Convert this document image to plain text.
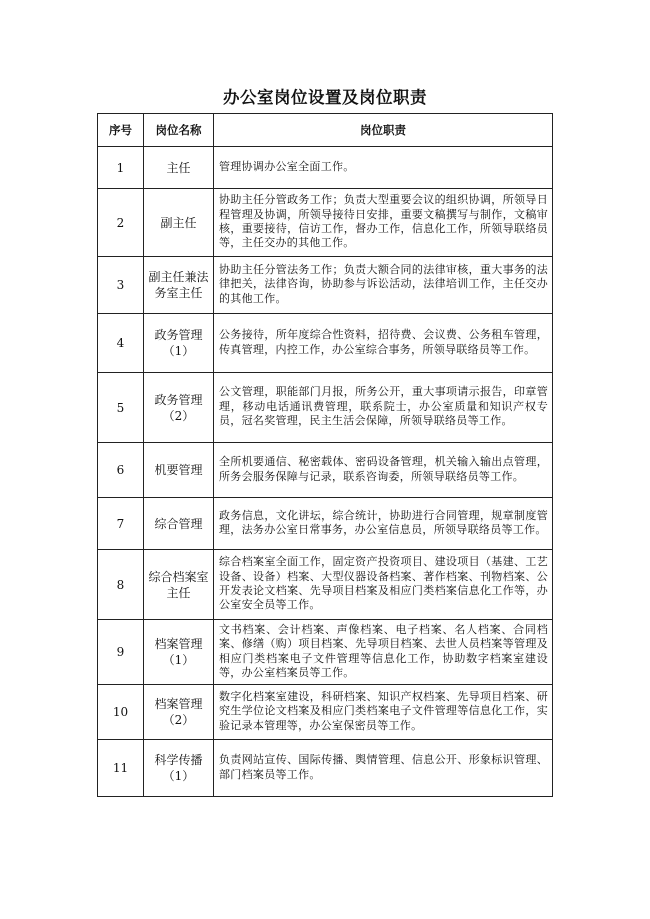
办公室岗位设置及岗位职责
序号	岗位名称	岗位职责
1	主任	管理协调办公室全面工作。
2	副主任	协助主任分管政务工作；负责大型重要会议的组织协调，所领导日程管理及协调，所领导接待日安排，重要文稿撰写与制作，文稿审核，重要接待，信访工作，督办工作，信息化工作，所领导联络员等，主任交办的其他工作。
3	副主任兼法务室主任	协助主任分管法务工作；负责大额合同的法律审核，重大事务的法律把关，法律咨询，协助参与诉讼活动，法律培训工作，主任交办的其他工作。
4	政务管理（1）	公务接待，所年度综合性资料，招待费、会议费、公务租车管理，传真管理，内控工作，办公室综合事务，所领导联络员等工作。
5	政务管理（2）	公文管理，职能部门月报，所务公开，重大事项请示报告，印章管理，移动电话通讯费管理，联系院士，办公室质量和知识产权专员，冠名奖管理，民主生活会保障，所领导联络员等工作。
6	机要管理	全所机要通信、秘密载体、密码设备管理，机关输入输出点管理，所务会服务保障与记录，联系咨询委，所领导联络员等工作。
7	综合管理	政务信息，文化讲坛，综合统计，协助进行合同管理，规章制度管理，法务办公室日常事务，办公室信息员，所领导联络员等工作。
8	综合档案室主任	综合档案室全面工作，固定资产投资项目、建设项目（基建、工艺设备、设备）档案、大型仪器设备档案、著作档案、刊物档案、公开发表论文档案、先导项目档案及相应门类档案信息化工作等，办公室安全员等工作。
9	档案管理（1）	文书档案、会计档案、声像档案、电子档案、名人档案、合同档案、修缮（购）项目档案、先导项目档案、去世人员档案等管理及相应门类档案电子文件管理等信息化工作，协助数字档案室建设等，办公室档案员等工作。
10	档案管理（2）	数字化档案室建设，科研档案、知识产权档案、先导项目档案、研究生学位论文档案及相应门类档案电子文件管理等信息化工作，实验记录本管理等，办公室保密员等工作。
11	科学传播（1）	负责网站宣传、国际传播、舆情管理、信息公开、形象标识管理、部门档案员等工作。
